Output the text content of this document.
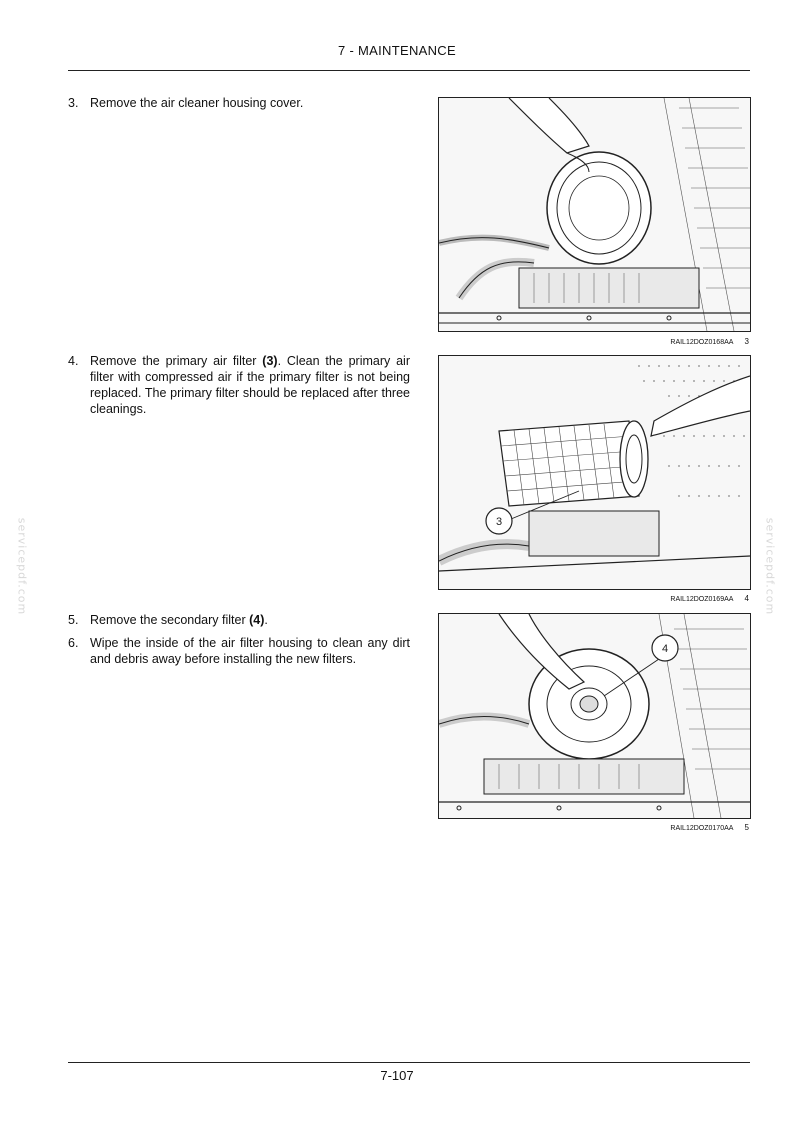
7 - MAINTENANCE
3. Remove the air cleaner housing cover.
4. Remove the primary air filter (3). Clean the primary air filter with compressed air if the primary filter is not being replaced. The primary filter should be replaced after three cleanings.
5. Remove the secondary filter (4).
6. Wipe the inside of the air filter housing to clean any dirt and debris away before installing the new filters.
RAIL12DOZ0168AA 3
3
RAIL12DOZ0169AA 4
4
RAIL12DOZ0170AA 5
servicepdf.com	servicepdf.com
7-107
